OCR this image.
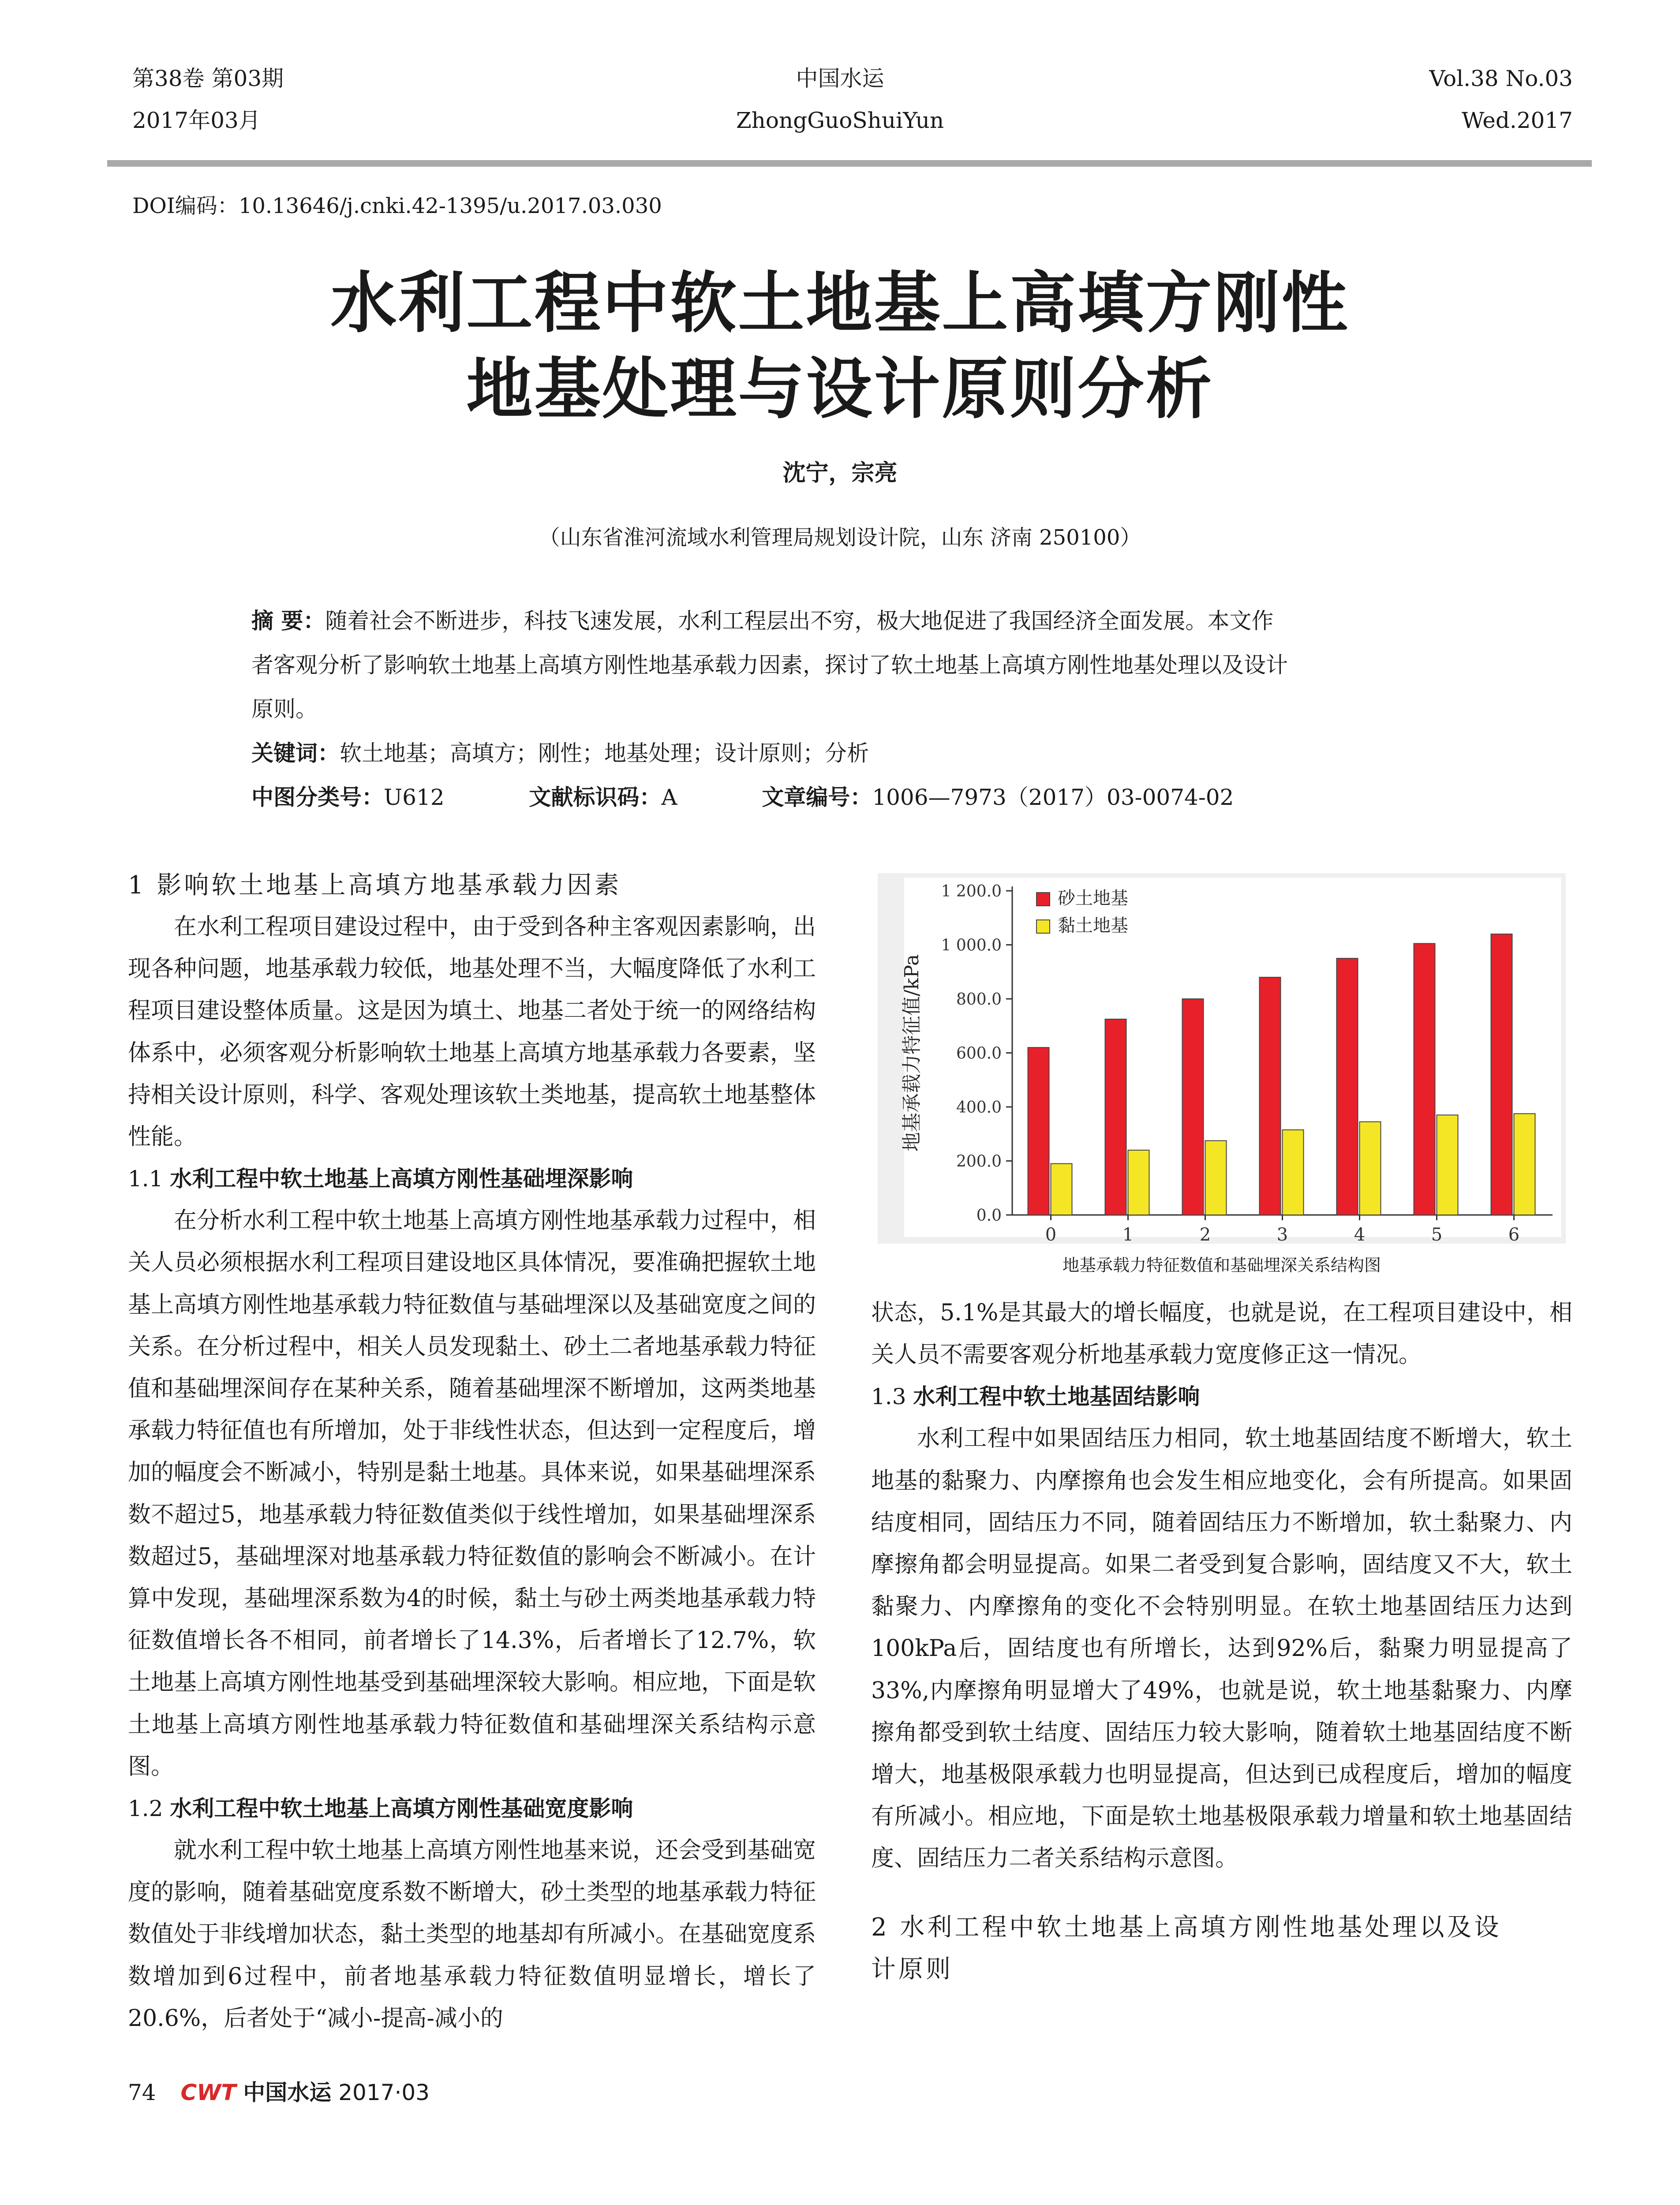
第38卷 第03期
2017年03月
中国水运
ZhongGuoShuiYun
Vol.38 No.03
Wed.2017
DOI编码：10.13646/j.cnki.42-1395/u.2017.03.030
水利工程中软土地基上高填方刚性
地基处理与设计原则分析
沈宁，宗亮
（山东省淮河流域水利管理局规划设计院，山东 济南 250100）
摘 要：随着社会不断进步，科技飞速发展，水利工程层出不穷，极大地促进了我国经济全面发展。本文作
者客观分析了影响软土地基上高填方刚性地基承载力因素，探讨了软土地基上高填方刚性地基处理以及设计
原则。
关键词：软土地基；高填方；刚性；地基处理；设计原则；分析
中图分类号：U612	文献标识码：A	文章编号：1006—7973（2017）03-0074-02
1 影响软土地基上高填方地基承载力因素

在水利工程项目建设过程中，由于受到各种主客观因素影响，出现各种问题，地基承载力较低，地基处理不当，大幅度降低了水利工程项目建设整体质量。这是因为填土、地基二者处于统一的网络结构体系中，必须客观分析影响软土地基上高填方地基承载力各要素，坚持相关设计原则，科学、客观处理该软土类地基，提高软土地基整体性能。

1.1 水利工程中软土地基上高填方刚性基础埋深影响

在分析水利工程中软土地基上高填方刚性地基承载力过程中，相关人员必须根据水利工程项目建设地区具体情况，要准确把握软土地基上高填方刚性地基承载力特征数值与基础埋深以及基础宽度之间的关系。在分析过程中，相关人员发现黏土、砂土二者地基承载力特征值和基础埋深间存在某种关系，随着基础埋深不断增加，这两类地基承载力特征值也有所增加，处于非线性状态，但达到一定程度后，增加的幅度会不断减小，特别是黏土地基。具体来说，如果基础埋深系数不超过5，地基承载力特征数值类似于线性增加，如果基础埋深系数超过5，基础埋深对地基承载力特征数值的影响会不断减小。在计算中发现，基础埋深系数为4的时候，黏土与砂土两类地基承载力特征数值增长各不相同，前者增长了14.3%，后者增长了12.7%，软土地基上高填方刚性地基受到基础埋深较大影响。相应地，下面是软土地基上高填方刚性地基承载力特征数值和基础埋深关系结构示意图。

1.2 水利工程中软土地基上高填方刚性基础宽度影响

就水利工程中软土地基上高填方刚性地基来说，还会受到基础宽度的影响，随着基础宽度系数不断增大，砂土类型的地基承载力特征数值处于非线增加状态，黏土类型的地基却有所减小。在基础宽度系数增加到6过程中，前者地基承载力特征数值明显增长，增长了20.6%，后者处于“减小-提高-减小的

0.0
200.0
400.0
600.0
800.0
1 000.0
1 200.0
地基承载力特征值/kPa
0	1	2	3	4	5	6
砂土地基
黏土地基
地基承载力特征数值和基础埋深关系结构图
状态，5.1%是其最大的增长幅度，也就是说，在工程项目建设中，相关人员不需要客观分析地基承载力宽度修正这一情况。
1.3 水利工程中软土地基固结影响

水利工程中如果固结压力相同，软土地基固结度不断增大，软土地基的黏聚力、内摩擦角也会发生相应地变化，会有所提高。如果固结度相同，固结压力不同，随着固结压力不断增加，软土黏聚力、内摩擦角都会明显提高。如果二者受到复合影响，固结度又不大，软土黏聚力、内摩擦角的变化不会特别明显。在软土地基固结压力达到100kPa后，固结度也有所增长，达到92%后，黏聚力明显提高了33%,内摩擦角明显增大了49%，也就是说，软土地基黏聚力、内摩擦角都受到软土结度、固结压力较大影响，随着软土地基固结度不断增大，地基极限承载力也明显提高，但达到已成程度后，增加的幅度有所减小。相应地，下面是软土地基极限承载力增量和软土地基固结度、固结压力二者关系结构示意图。

2 水利工程中软土地基上高填方刚性地基处理以及设
计原则
74 CWT 中国水运 2017·03
